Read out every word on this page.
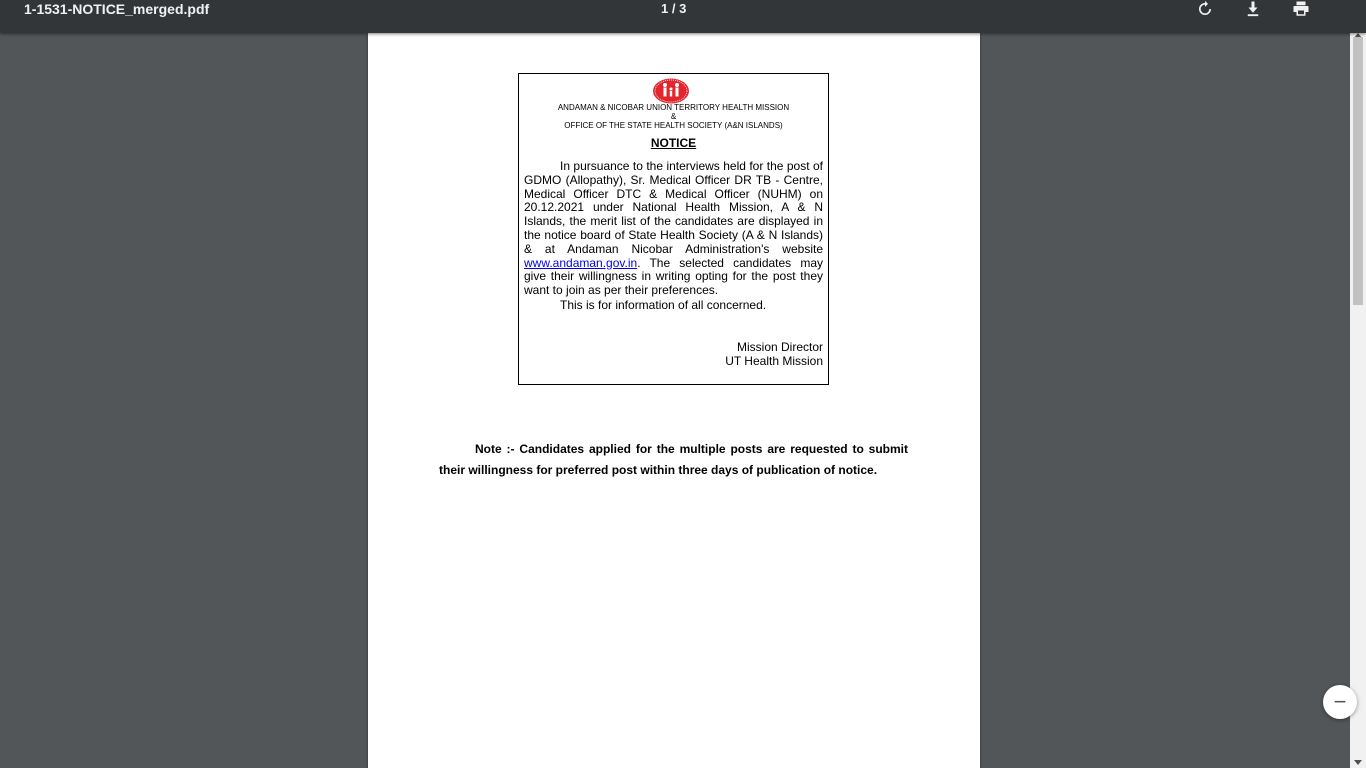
1-1531-NOTICE_merged.pdf	1 / 3
ANDAMAN & NICOBAR UNION TERRITORY HEALTH MISSION
&
OFFICE OF THE STATE HEALTH SOCIETY (A&N ISLANDS)
NOTICE
In pursuance to the interviews held for the post of GDMO (Allopathy), Sr. Medical Officer DR TB - Centre, Medical Officer DTC & Medical Officer (NUHM) on 20.12.2021 under National Health Mission, A & N Islands, the merit list of the candidates are displayed in the notice board of State Health Society (A & N Islands) & at Andaman Nicobar Administration's website www.andaman.gov.in. The selected candidates may give their willingness in writing opting for the post they want to join as per their preferences.
This is for information of all concerned.
Mission Director
UT Health Mission
Note :- Candidates applied for the multiple posts are requested to submit their willingness for preferred post within three days of publication of notice.
−
